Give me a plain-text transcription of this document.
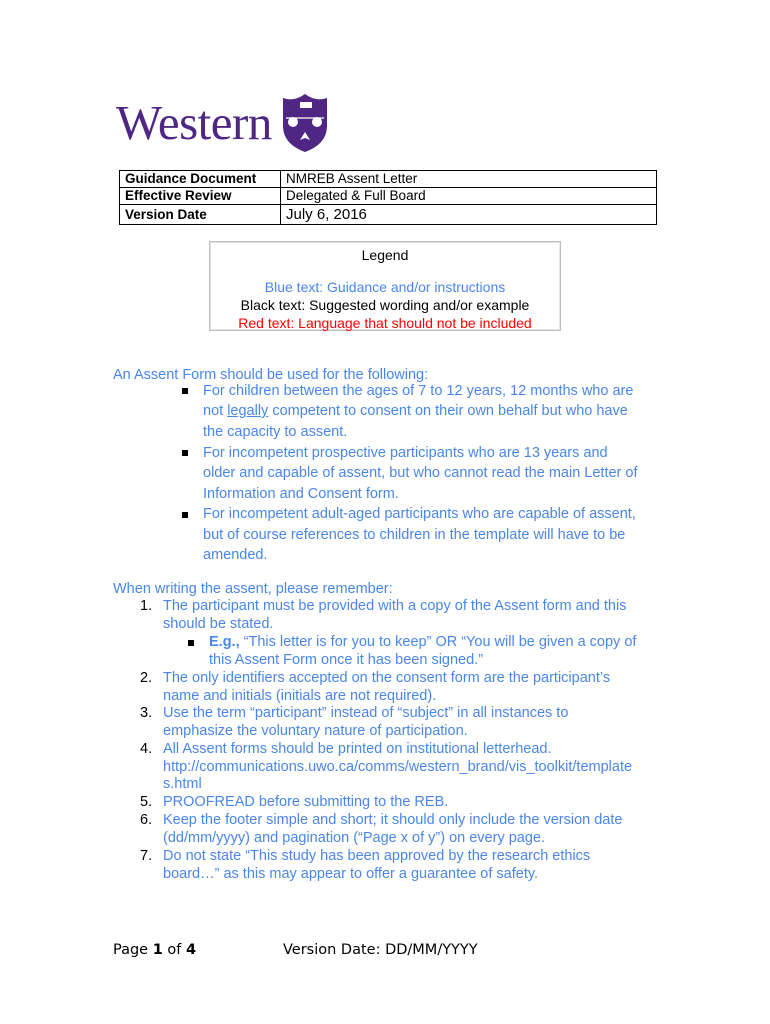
Western
Guidance Document	NMREB Assent Letter
Effective Review	Delegated & Full Board
Version Date	July 6, 2016
Legend
Blue text: Guidance and/or instructions
Black text: Suggested wording and/or example
Red text: Language that should not be included
An Assent Form should be used for the following:
For children between the ages of 7 to 12 years, 12 months who are
not legally competent to consent on their own behalf but who have
the capacity to assent.
For incompetent prospective participants who are 13 years and
older and capable of assent, but who cannot read the main Letter of
Information and Consent form.
For incompetent adult-aged participants who are capable of assent,
but of course references to children in the template will have to be
amended.
When writing the assent, please remember:
1. The participant must be provided with a copy of the Assent form and this
should be stated.
E.g., “This letter is for you to keep” OR “You will be given a copy of
this Assent Form once it has been signed.”
2. The only identifiers accepted on the consent form are the participant’s
name and initials (initials are not required).
3. Use the term “participant” instead of “subject” in all instances to
emphasize the voluntary nature of participation.
4. All Assent forms should be printed on institutional letterhead.
http://communications.uwo.ca/comms/western_brand/vis_toolkit/template
s.html
5. PROOFREAD before submitting to the REB.
6. Keep the footer simple and short; it should only include the version date
(dd/mm/yyyy) and pagination (“Page x of y”) on every page.
7. Do not state “This study has been approved by the research ethics
board…” as this may appear to offer a guarantee of safety.
Page 1 of 4	Version Date: DD/MM/YYYY
